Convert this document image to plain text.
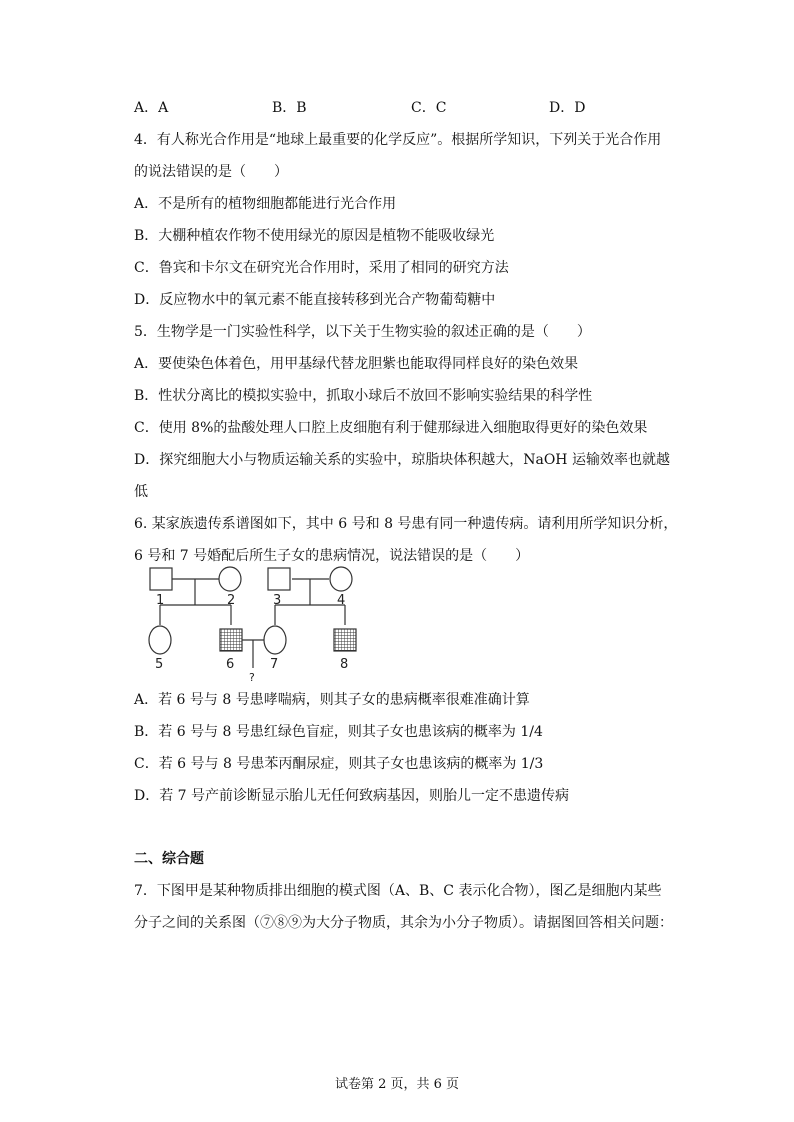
A．A	B．B	C．C	D．D
4．有人称光合作用是“地球上最重要的化学反应”。根据所学知识，下列关于光合作用
的说法错误的是（　　）
A．不是所有的植物细胞都能进行光合作用
B．大棚种植农作物不使用绿光的原因是植物不能吸收绿光
C．鲁宾和卡尔文在研究光合作用时，采用了相同的研究方法
D．反应物水中的氧元素不能直接转移到光合产物葡萄糖中
5．生物学是一门实验性科学，以下关于生物实验的叙述正确的是（　　）
A．要使染色体着色，用甲基绿代替龙胆紫也能取得同样良好的染色效果
B．性状分离比的模拟实验中，抓取小球后不放回不影响实验结果的科学性
C．使用 8%的盐酸处理人口腔上皮细胞有利于健那绿进入细胞取得更好的染色效果
D．探究细胞大小与物质运输关系的实验中，琼脂块体积越大，NaOH 运输效率也就越
低
6. 某家族遗传系谱图如下，其中 6 号和 8 号患有同一种遗传病。请利用所学知识分析，
6 号和 7 号婚配后所生子女的患病情况，说法错误的是（　　）
1	2	3	4
5	6	7	8
?
A．若 6 号与 8 号患哮喘病，则其子女的患病概率很难准确计算
B．若 6 号与 8 号患红绿色盲症，则其子女也患该病的概率为 1/4
C．若 6 号与 8 号患苯丙酮尿症，则其子女也患该病的概率为 1/3
D．若 7 号产前诊断显示胎儿无任何致病基因，则胎儿一定不患遗传病
二、综合题
7．下图甲是某种物质排出细胞的模式图（A、B、C 表示化合物），图乙是细胞内某些
分子之间的关系图（⑦⑧⑨为大分子物质，其余为小分子物质）。请据图回答相关问题：
试卷第 2 页，共 6 页
